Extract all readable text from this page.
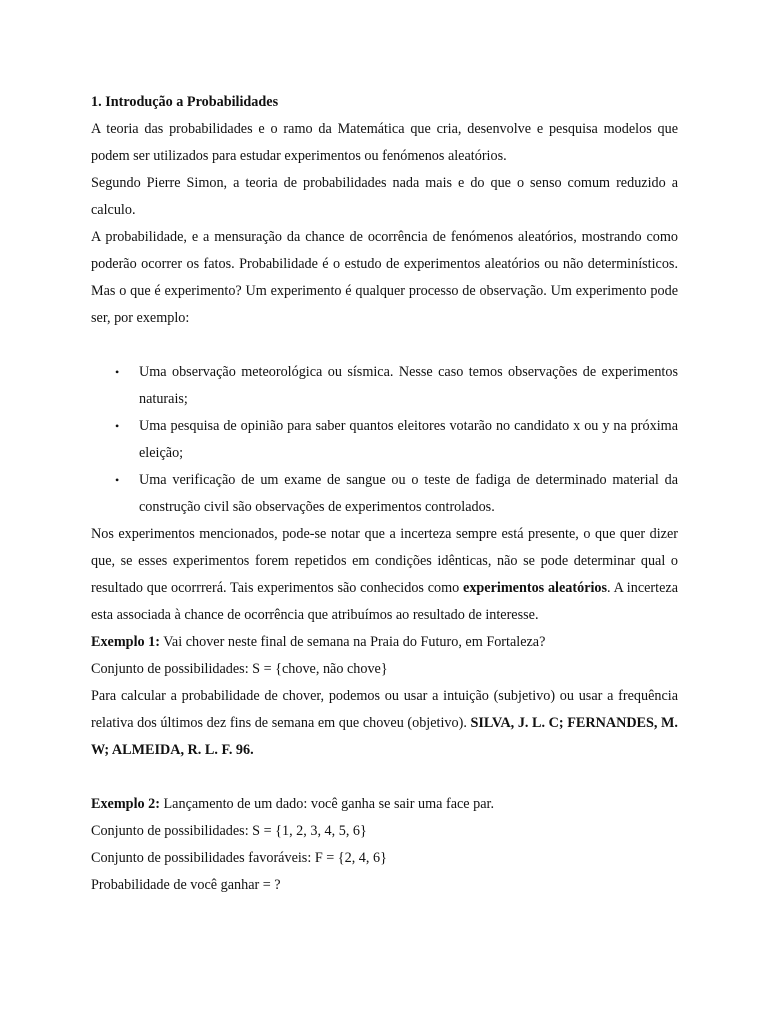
1. Introdução a Probabilidades

A teoria das probabilidades e o ramo da Matemática que cria, desenvolve e pesquisa modelos que podem ser utilizados para estudar experimentos ou fenómenos aleatórios.

Segundo Pierre Simon, a teoria de probabilidades nada mais e do que o senso comum reduzido a calculo.

A probabilidade, e a mensuração da chance de ocorrência de fenómenos aleatórios, mostrando como poderão ocorrer os fatos. Probabilidade é o estudo de experimentos aleatórios ou não determinísticos. Mas o que é experimento? Um experimento é qualquer processo de observação. Um experimento pode ser, por exemplo:

• Uma observação meteorológica ou sísmica. Nesse caso temos observações de experimentos naturais;
• Uma pesquisa de opinião para saber quantos eleitores votarão no candidato x ou y na próxima eleição;
• Uma verificação de um exame de sangue ou o teste de fadiga de determinado material da construção civil são observações de experimentos controlados.

Nos experimentos mencionados, pode-se notar que a incerteza sempre está presente, o que quer dizer que, se esses experimentos forem repetidos em condições idênticas, não se pode determinar qual o resultado que ocorrrerá. Tais experimentos são conhecidos como experimentos aleatórios. A incerteza esta associada à chance de ocorrência que atribuímos ao resultado de interesse.

Exemplo 1: Vai chover neste final de semana na Praia do Futuro, em Fortaleza?

Conjunto de possibilidades: S = {chove, não chove}

Para calcular a probabilidade de chover, podemos ou usar a intuição (subjetivo) ou usar a frequência relativa dos últimos dez fins de semana em que choveu (objetivo). SILVA, J. L. C; FERNANDES, M. W; ALMEIDA, R. L. F. 96.

Exemplo 2: Lançamento de um dado: você ganha se sair uma face par.

Conjunto de possibilidades: S = {1, 2, 3, 4, 5, 6}

Conjunto de possibilidades favoráveis: F = {2, 4, 6}

Probabilidade de você ganhar = ?
